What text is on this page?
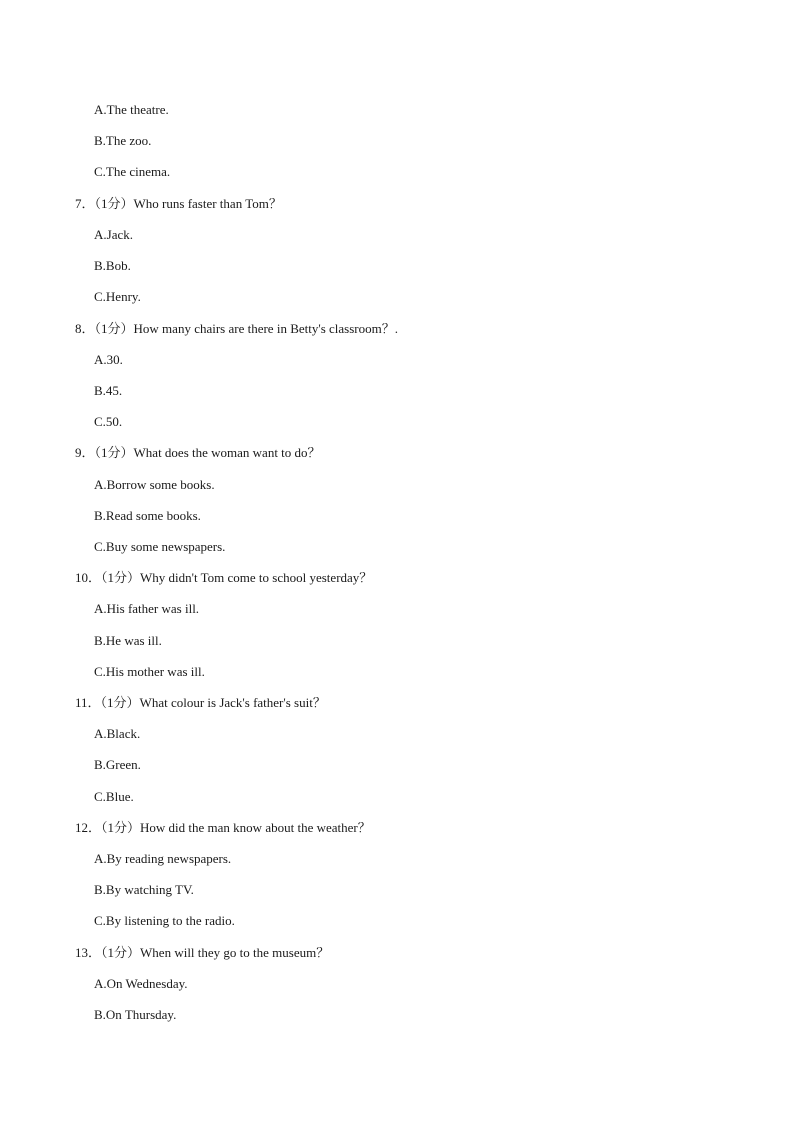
A.The theatre.
B.The zoo.
C.The cinema.
7．（1分）Who runs faster than Tom？
A.Jack.
B.Bob.
C.Henry.
8．（1分）How many chairs are there in Betty's classroom？.
A.30.
B.45.
C.50.
9．（1分）What does the woman want to do？
A.Borrow some books.
B.Read some books.
C.Buy some newspapers.
10．（1分）Why didn't Tom come to school yesterday？
A.His father was ill.
B.He was ill.
C.His mother was ill.
11．（1分）What colour is Jack's father's suit？
A.Black.
B.Green.
C.Blue.
12．（1分）How did the man know about the weather？
A.By reading newspapers.
B.By watching TV.
C.By listening to the radio.
13．（1分）When will they go to the museum？
A.On Wednesday.
B.On Thursday.
